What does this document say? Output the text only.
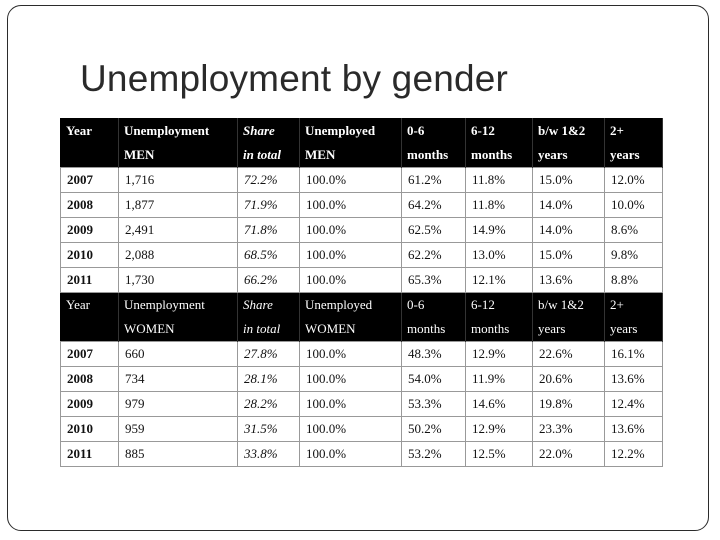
Unemployment by gender
Year	Unemployment	Share	Unemployed	0-6	6-12	b/w 1&2	2+
	MEN	in total	MEN	months	months	years	years
2007	1,716	72.2%	100.0%	61.2%	11.8%	15.0%	12.0%
2008	1,877	71.9%	100.0%	64.2%	11.8%	14.0%	10.0%
2009	2,491	71.8%	100.0%	62.5%	14.9%	14.0%	8.6%
2010	2,088	68.5%	100.0%	62.2%	13.0%	15.0%	9.8%
2011	1,730	66.2%	100.0%	65.3%	12.1%	13.6%	8.8%
Year	Unemployment	Share	Unemployed	0-6	6-12	b/w 1&2	2+
	WOMEN	in total	WOMEN	months	months	years	years
2007	660	27.8%	100.0%	48.3%	12.9%	22.6%	16.1%
2008	734	28.1%	100.0%	54.0%	11.9%	20.6%	13.6%
2009	979	28.2%	100.0%	53.3%	14.6%	19.8%	12.4%
2010	959	31.5%	100.0%	50.2%	12.9%	23.3%	13.6%
2011	885	33.8%	100.0%	53.2%	12.5%	22.0%	12.2%
